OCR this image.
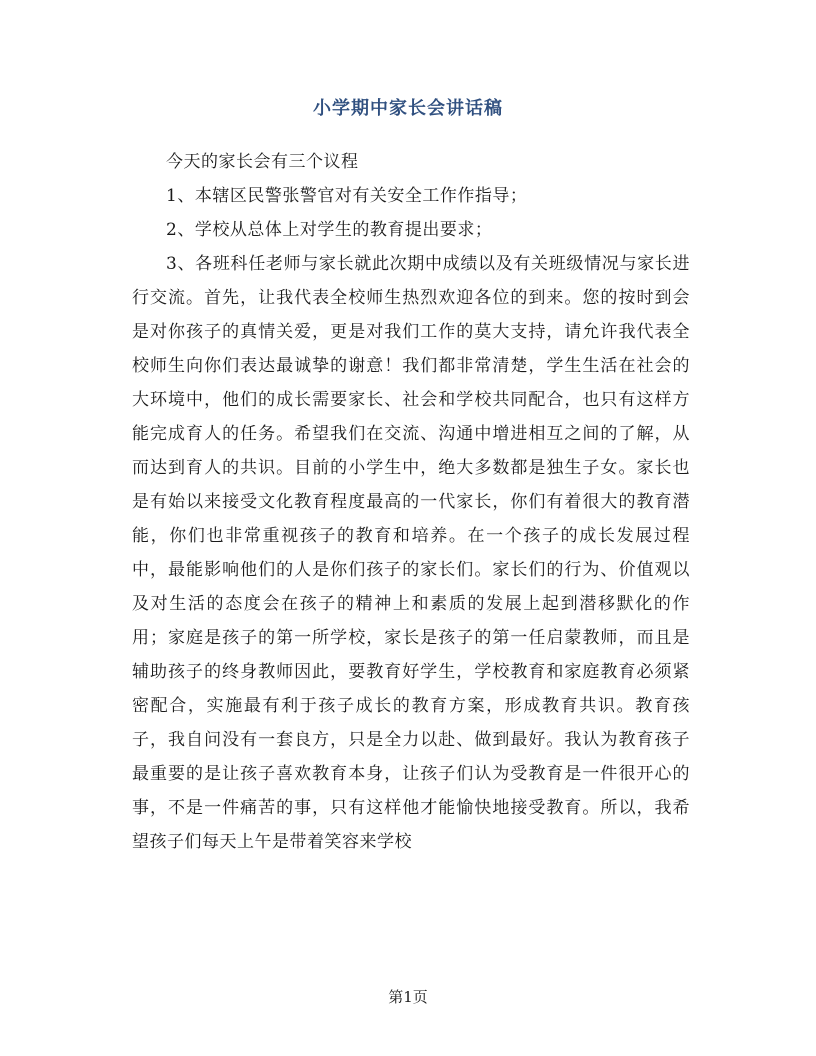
小学期中家长会讲话稿

今天的家长会有三个议程

1、本辖区民警张警官对有关安全工作作指导；

2、学校从总体上对学生的教育提出要求；

3、各班科任老师与家长就此次期中成绩以及有关班级情况与家长进行交流。首先，让我代表全校师生热烈欢迎各位的到来。您的按时到会是对你孩子的真情关爱，更是对我们工作的莫大支持，请允许我代表全校师生向你们表达最诚挚的谢意！我们都非常清楚，学生生活在社会的大环境中，他们的成长需要家长、社会和学校共同配合，也只有这样方能完成育人的任务。希望我们在交流、沟通中增进相互之间的了解，从而达到育人的共识。目前的小学生中，绝大多数都是独生子女。家长也是有始以来接受文化教育程度最高的一代家长，你们有着很大的教育潜能，你们也非常重视孩子的教育和培养。在一个孩子的成长发展过程中，最能影响他们的人是你们孩子的家长们。家长们的行为、价值观以及对生活的态度会在孩子的精神上和素质的发展上起到潜移默化的作用；家庭是孩子的第一所学校，家长是孩子的第一任启蒙教师，而且是辅助孩子的终身教师因此，要教育好学生，学校教育和家庭教育必须紧密配合，实施最有利于孩子成长的教育方案，形成教育共识。教育孩子，我自问没有一套良方，只是全力以赴、做到最好。我认为教育孩子最重要的是让孩子喜欢教育本身，让孩子们认为受教育是一件很开心的事，不是一件痛苦的事，只有这样他才能愉快地接受教育。所以，我希望孩子们每天上午是带着笑容来学校

第1页
